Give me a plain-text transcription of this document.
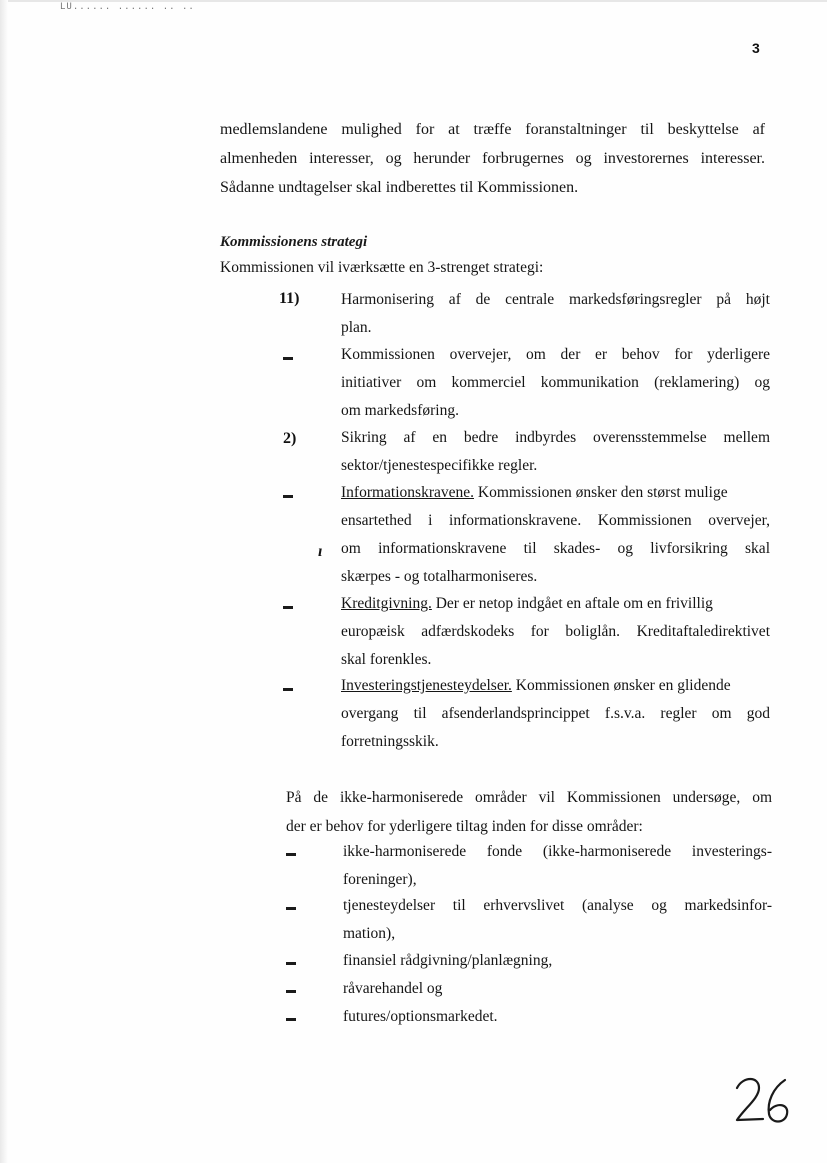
LU...... ...... .. ..
3
medlemslandene mulighed for at træffe foranstaltninger til beskyttelse af
almenheden interesser, og herunder forbrugernes og investorernes interesser.
Sådanne undtagelser skal indberettes til Kommissionen.
Kommissionens strategi
Kommissionen vil iværksætte en 3-strenget strategi:
11)	Harmonisering af de centrale markedsføringsregler på højt
plan.
Kommissionen overvejer, om der er behov for yderligere
initiativer om kommerciel kommunikation (reklamering) og
om markedsføring.
2)	Sikring af en bedre indbyrdes overensstemmelse mellem
sektor/tjenestespecifikke regler.
Informationskravene. Kommissionen ønsker den størst mulige
ensartethed i informationskravene. Kommissionen overvejer,
om informationskravene til skades- og livforsikring skal
skærpes - og totalharmoniseres.
ı
Kreditgivning. Der er netop indgået en aftale om en frivillig
europæisk adfærdskodeks for boliglån. Kreditaftaledirektivet
skal forenkles.
Investeringstjenesteydelser. Kommissionen ønsker en glidende
overgang til afsenderlandsprincippet f.s.v.a. regler om god
forretningsskik.
På de ikke-harmoniserede områder vil Kommissionen undersøge, om
der er behov for yderligere tiltag inden for disse områder:
ikke-harmoniserede fonde (ikke-harmoniserede investerings-
foreninger),
tjenesteydelser til erhvervslivet (analyse og markedsinfor-
mation),
finansiel rådgivning/planlægning,
råvarehandel og
futures/optionsmarkedet.
